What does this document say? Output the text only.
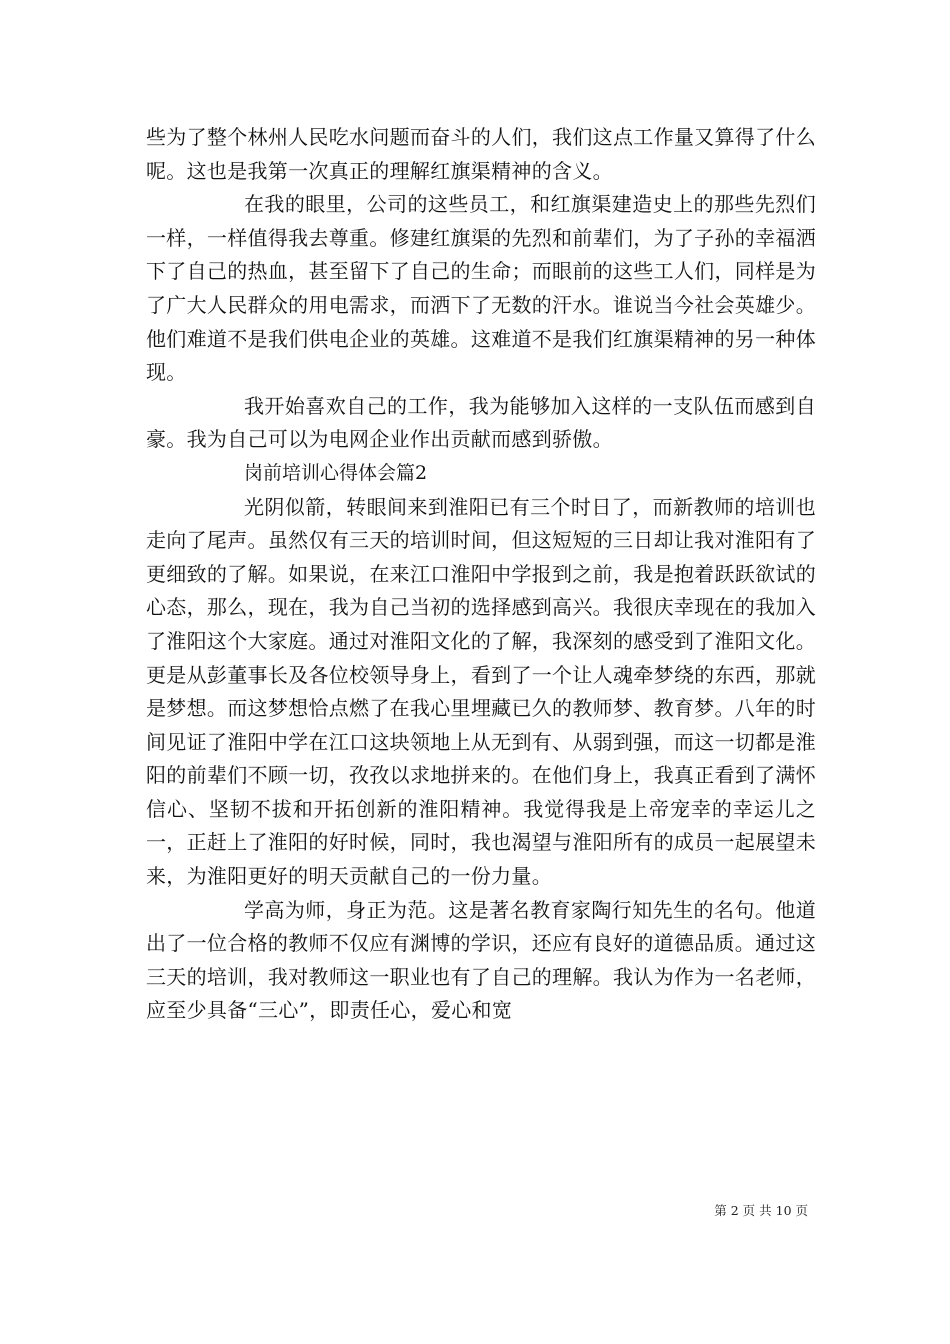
些为了整个林州人民吃水问题而奋斗的人们，我们这点工作量又算得了什么呢。这也是我第一次真正的理解红旗渠精神的含义。

在我的眼里，公司的这些员工，和红旗渠建造史上的那些先烈们一样，一样值得我去尊重。修建红旗渠的先烈和前辈们，为了子孙的幸福洒下了自己的热血，甚至留下了自己的生命；而眼前的这些工人们，同样是为了广大人民群众的用电需求，而洒下了无数的汗水。谁说当今社会英雄少。他们难道不是我们供电企业的英雄。这难道不是我们红旗渠精神的另一种体现。

我开始喜欢自己的工作，我为能够加入这样的一支队伍而感到自豪。我为自己可以为电网企业作出贡献而感到骄傲。

岗前培训心得体会篇2

光阴似箭，转眼间来到淮阳已有三个时日了，而新教师的培训也走向了尾声。虽然仅有三天的培训时间，但这短短的三日却让我对淮阳有了更细致的了解。如果说，在来江口淮阳中学报到之前，我是抱着跃跃欲试的心态，那么，现在，我为自己当初的选择感到高兴。我很庆幸现在的我加入了淮阳这个大家庭。通过对淮阳文化的了解，我深刻的感受到了淮阳文化。更是从彭董事长及各位校领导身上，看到了一个让人魂牵梦绕的东西，那就是梦想。而这梦想恰点燃了在我心里埋藏已久的教师梦、教育梦。八年的时间见证了淮阳中学在江口这块领地上从无到有、从弱到强，而这一切都是淮阳的前辈们不顾一切，孜孜以求地拼来的。在他们身上，我真正看到了满怀信心、坚韧不拔和开拓创新的淮阳精神。我觉得我是上帝宠幸的幸运儿之一，正赶上了淮阳的好时候，同时，我也渴望与淮阳所有的成员一起展望未来，为淮阳更好的明天贡献自己的一份力量。

学高为师，身正为范。这是著名教育家陶行知先生的名句。他道出了一位合格的教师不仅应有渊博的学识，还应有良好的道德品质。通过这三天的培训，我对教师这一职业也有了自己的理解。我认为作为一名老师，应至少具备“三心”，即责任心，爱心和宽

第 2 页 共 10 页
